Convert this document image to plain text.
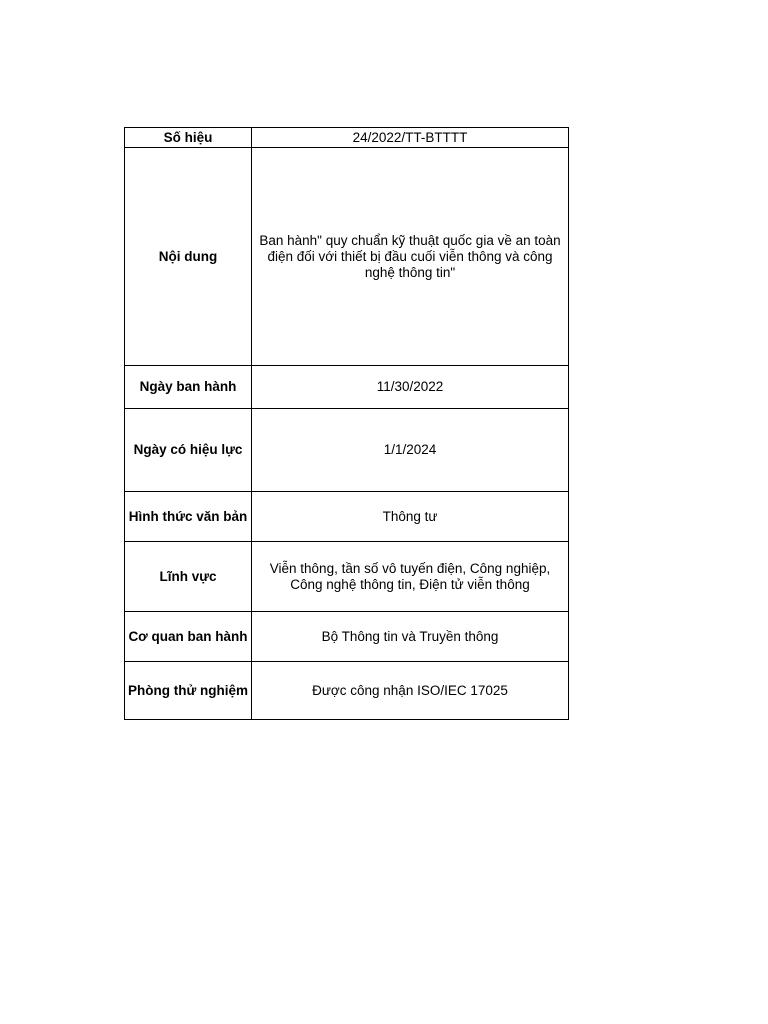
Số hiệu	24/2022/TT-BTTTT
Nội dung	Ban hành" quy chuẩn kỹ thuật quốc gia về an toàn điện đối với thiết bị đầu cuối viễn thông và công nghệ thông tin"
Ngày ban hành	11/30/2022
Ngày có hiệu lực	1/1/2024
Hình thức văn bản	Thông tư
Lĩnh vực	Viễn thông, tần số vô tuyến điện, Công nghiệp, Công nghệ thông tin, Điện tử viễn thông
Cơ quan ban hành	Bộ Thông tin và Truyền thông
Phòng thử nghiệm	Được công nhận ISO/IEC 17025
